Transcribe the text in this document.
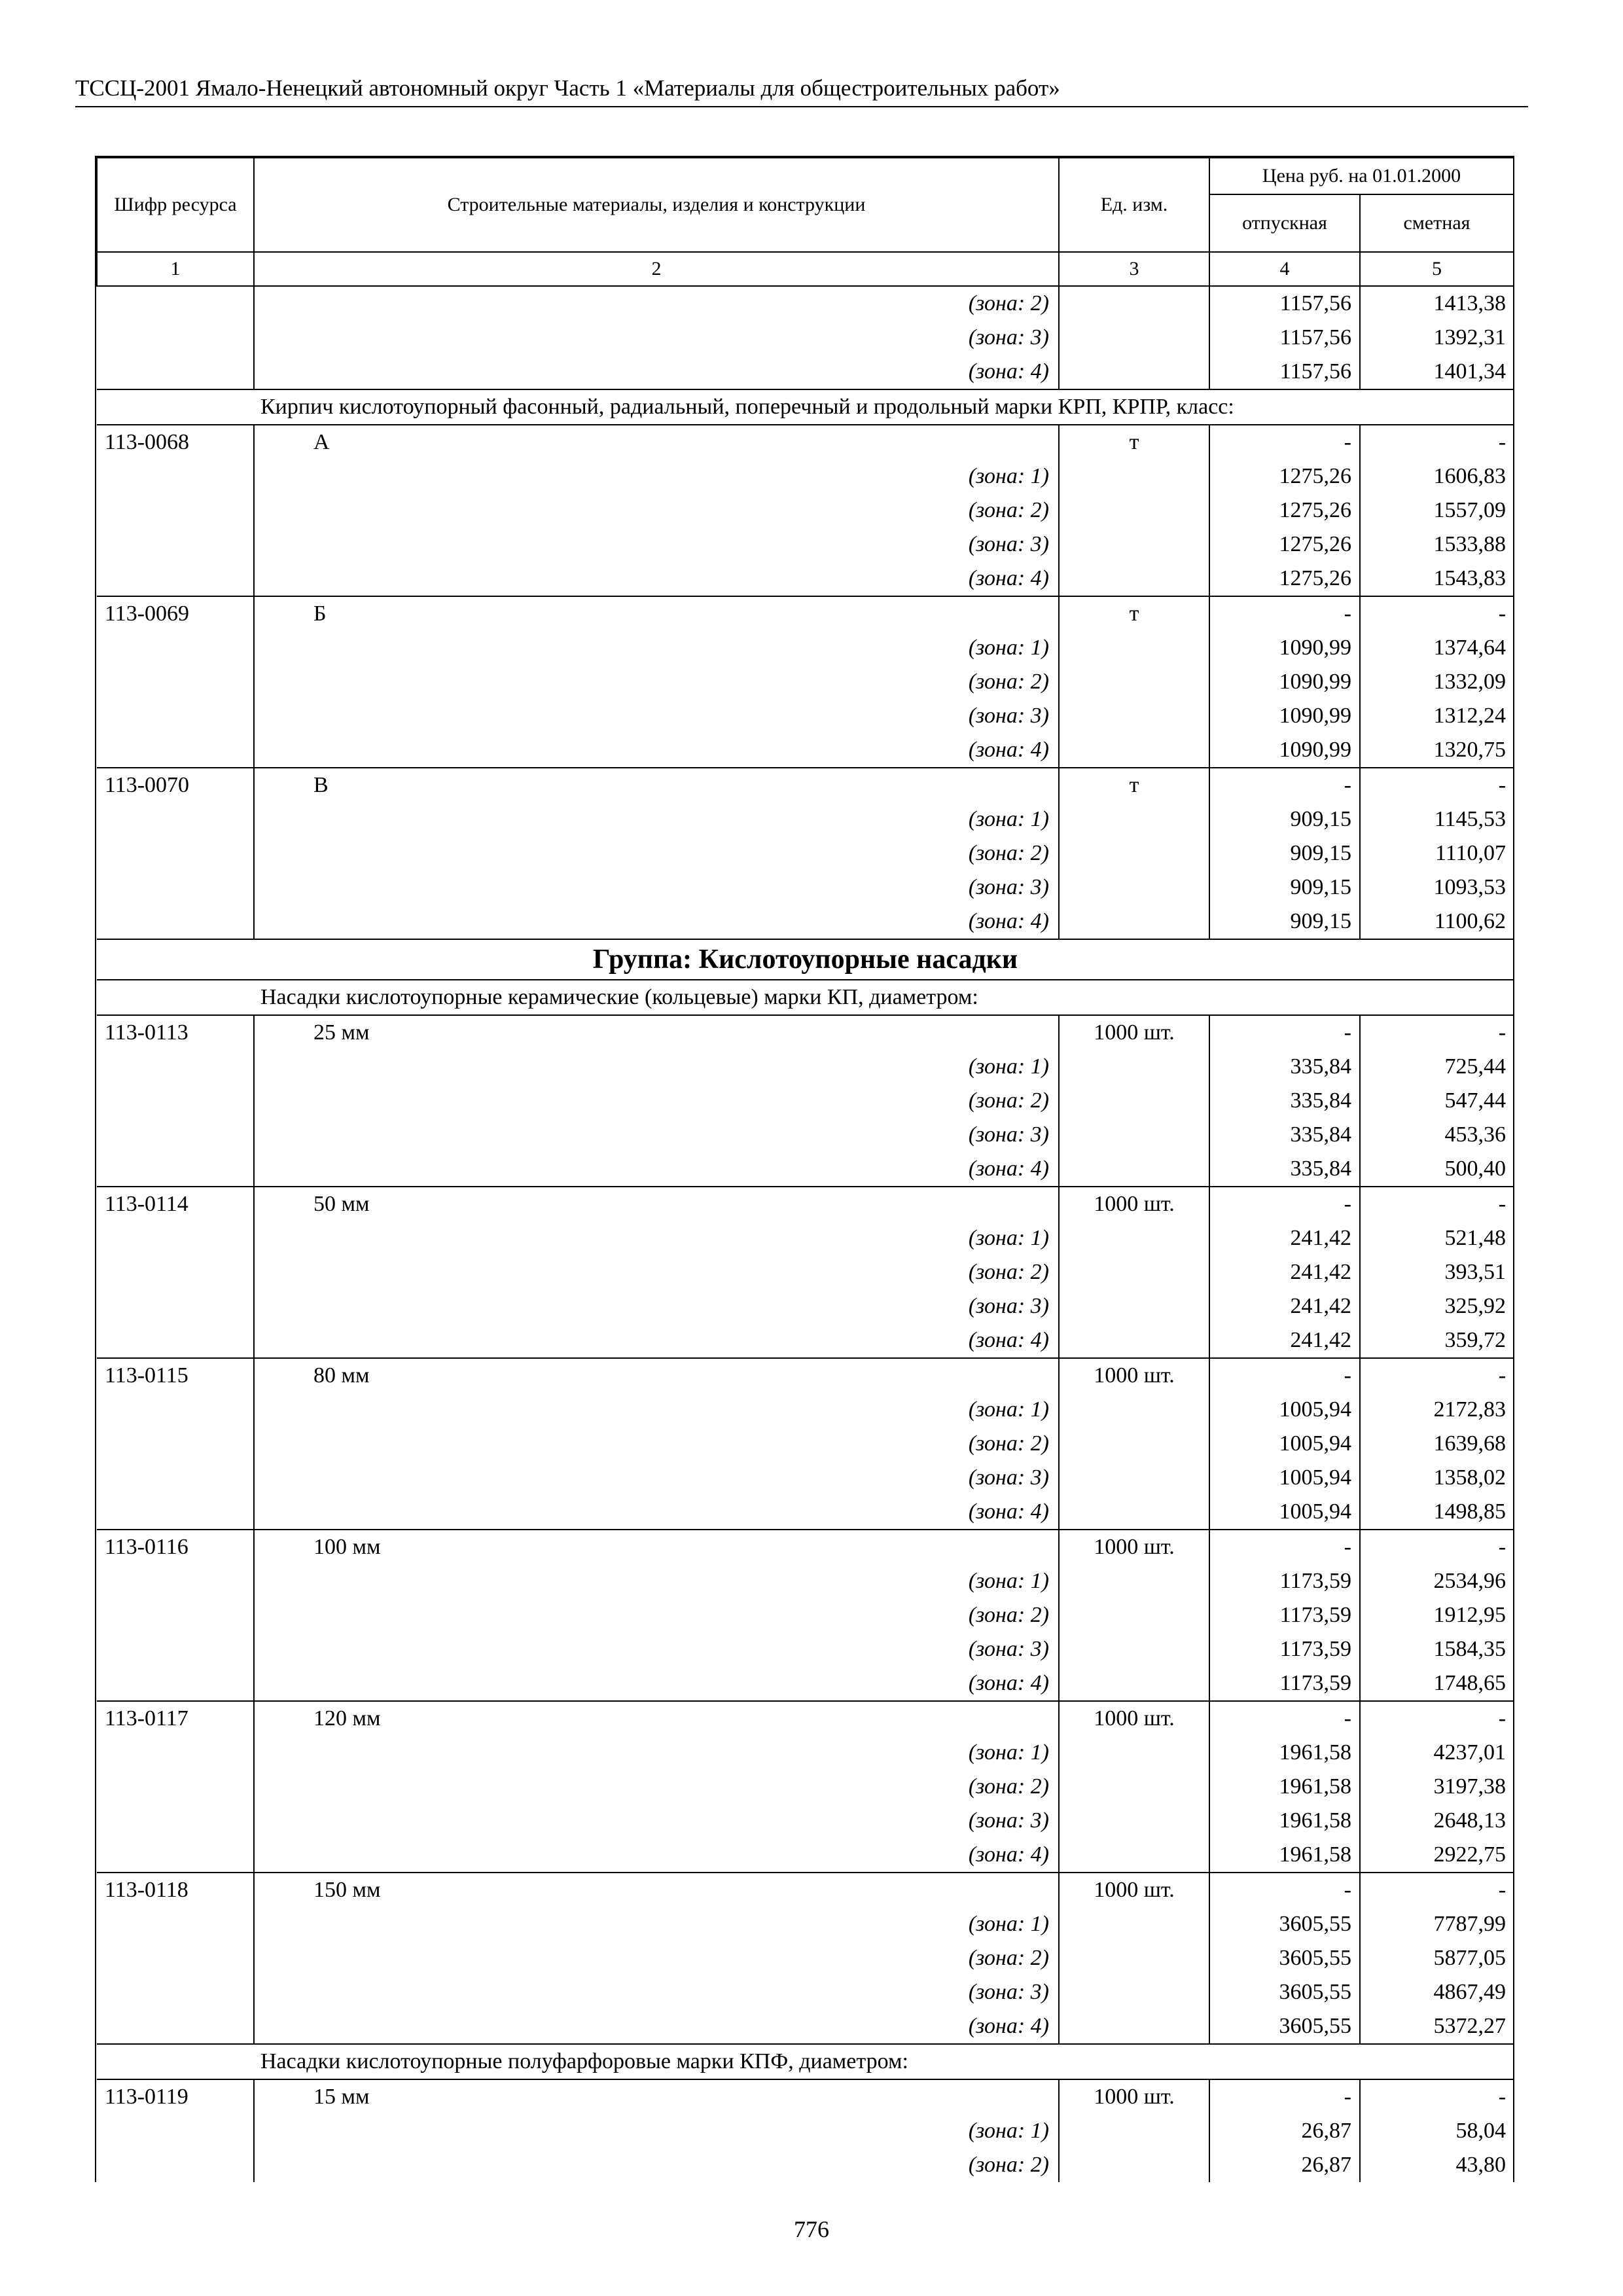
ТССЦ-2001 Ямало-Ненецкий автономный округ Часть 1 «Материалы для общестроительных работ»
Шифр ресурса	Строительные материалы, изделия и конструкции	Ед. изм.	Цена руб. на 01.01.2000	
			отпускная	сметная
1	2	3	4	5
	(зона: 2)		1157,56	1413,38
	(зона: 3)		1157,56	1392,31
	(зона: 4)		1157,56	1401,34
Кирпич кислотоупорный фасонный, радиальный, поперечный и продольный марки КРП, КРПР, класс:				
113-0068	А	т	-	-
	(зона: 1)		1275,26	1606,83
	(зона: 2)		1275,26	1557,09
	(зона: 3)		1275,26	1533,88
	(зона: 4)		1275,26	1543,83
113-0069	Б	т	-	-
	(зона: 1)		1090,99	1374,64
	(зона: 2)		1090,99	1332,09
	(зона: 3)		1090,99	1312,24
	(зона: 4)		1090,99	1320,75
113-0070	В	т	-	-
	(зона: 1)		909,15	1145,53
	(зона: 2)		909,15	1110,07
	(зона: 3)		909,15	1093,53
	(зона: 4)		909,15	1100,62
Группа: Кислотоупорные насадки				
Насадки кислотоупорные керамические (кольцевые) марки КП, диаметром:				
113-0113	25 мм	1000 шт.	-	-
	(зона: 1)		335,84	725,44
	(зона: 2)		335,84	547,44
	(зона: 3)		335,84	453,36
	(зона: 4)		335,84	500,40
113-0114	50 мм	1000 шт.	-	-
	(зона: 1)		241,42	521,48
	(зона: 2)		241,42	393,51
	(зона: 3)		241,42	325,92
	(зона: 4)		241,42	359,72
113-0115	80 мм	1000 шт.	-	-
	(зона: 1)		1005,94	2172,83
	(зона: 2)		1005,94	1639,68
	(зона: 3)		1005,94	1358,02
	(зона: 4)		1005,94	1498,85
113-0116	100 мм	1000 шт.	-	-
	(зона: 1)		1173,59	2534,96
	(зона: 2)		1173,59	1912,95
	(зона: 3)		1173,59	1584,35
	(зона: 4)		1173,59	1748,65
113-0117	120 мм	1000 шт.	-	-
	(зона: 1)		1961,58	4237,01
	(зона: 2)		1961,58	3197,38
	(зона: 3)		1961,58	2648,13
	(зона: 4)		1961,58	2922,75
113-0118	150 мм	1000 шт.	-	-
	(зона: 1)		3605,55	7787,99
	(зона: 2)		3605,55	5877,05
	(зона: 3)		3605,55	4867,49
	(зона: 4)		3605,55	5372,27
Насадки кислотоупорные полуфарфоровые марки КПФ, диаметром:				
113-0119	15 мм	1000 шт.	-	-
	(зона: 1)		26,87	58,04
	(зона: 2)		26,87	43,80
776
